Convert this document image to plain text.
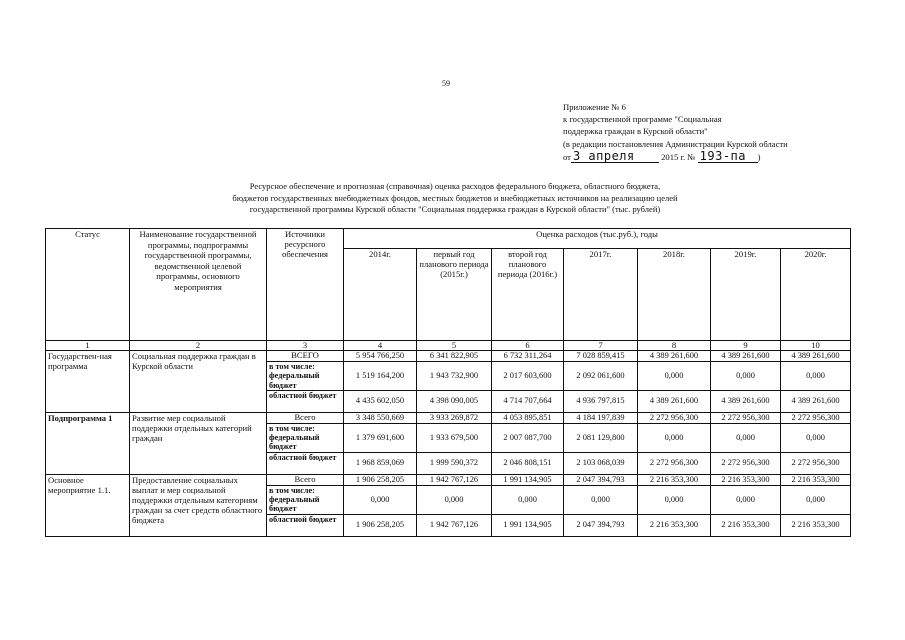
59
Приложение № 6
к государственной программе "Социальная
поддержка граждан в Курской области"
(в редакции постановления Администрации Курской области
от 3 апреля	2015 г. № 193-па )
Ресурсное обеспечение и прогнозная (справочная) оценка расходов федерального бюджета, областного бюджета,
бюджетов государственных внебюджетных фондов, местных бюджетов и внебюджетных источников на реализацию целей
государственной программы Курской области "Социальная поддержка граждан в Курской области" (тыс. рублей)
Статус	Наименование государственной программы, подпрограммы государственной программы, ведомственной целевой программы, основного мероприятия	Источники ресурсного обеспечения	Оценка расходов (тыс.руб.), годы						
			2014г.	первый год планового периода (2015г.)	второй год планового периода (2016г.)	2017г.	2018г.	2019г.	2020г.
1	2	3	4	5	6	7	8	9	10
Государствен-ная программа	Социальная поддержка граждан в Курской области	ВСЕГО	5 954 766,250	6 341 822,905	6 732 311,264	7 028 859,415	4 389 261,600	4 389 261,600	4 389 261,600
		в том числе: федеральный бюджет	1 519 164,200	1 943 732,900	2 017 603,600	2 092 061,600	0,000	0,000	0,000
		областной бюджет	4 435 602,050	4 398 090,005	4 714 707,664	4 936 797,815	4 389 261,600	4 389 261,600	4 389 261,600
Подпрограмма 1	Развитие мер социальной поддержки отдельных категорий граждан	Всего	3 348 550,669	3 933 269,872	4 053 895,851	4 184 197,839	2 272 956,300	2 272 956,300	2 272 956,300
		в том числе: федеральный бюджет	1 379 691,600	1 933 679,500	2 007 087,700	2 081 129,800	0,000	0,000	0,000
		областной бюджет	1 968 859,069	1 999 590,372	2 046 808,151	2 103 068,039	2 272 956,300	2 272 956,300	2 272 956,300
Основное мероприятие 1.1.	Предоставление социальных выплат и мер социальной поддержки отдельным категориям граждан за счет средств областного бюджета	Всего	1 906 258,205	1 942 767,126	1 991 134,905	2 047 394,793	2 216 353,300	2 216 353,300	2 216 353,300
		в том числе: федеральный бюджет	0,000	0,000	0,000	0,000	0,000	0,000	0,000
		областной бюджет	1 906 258,205	1 942 767,126	1 991 134,905	2 047 394,793	2 216 353,300	2 216 353,300	2 216 353,300
